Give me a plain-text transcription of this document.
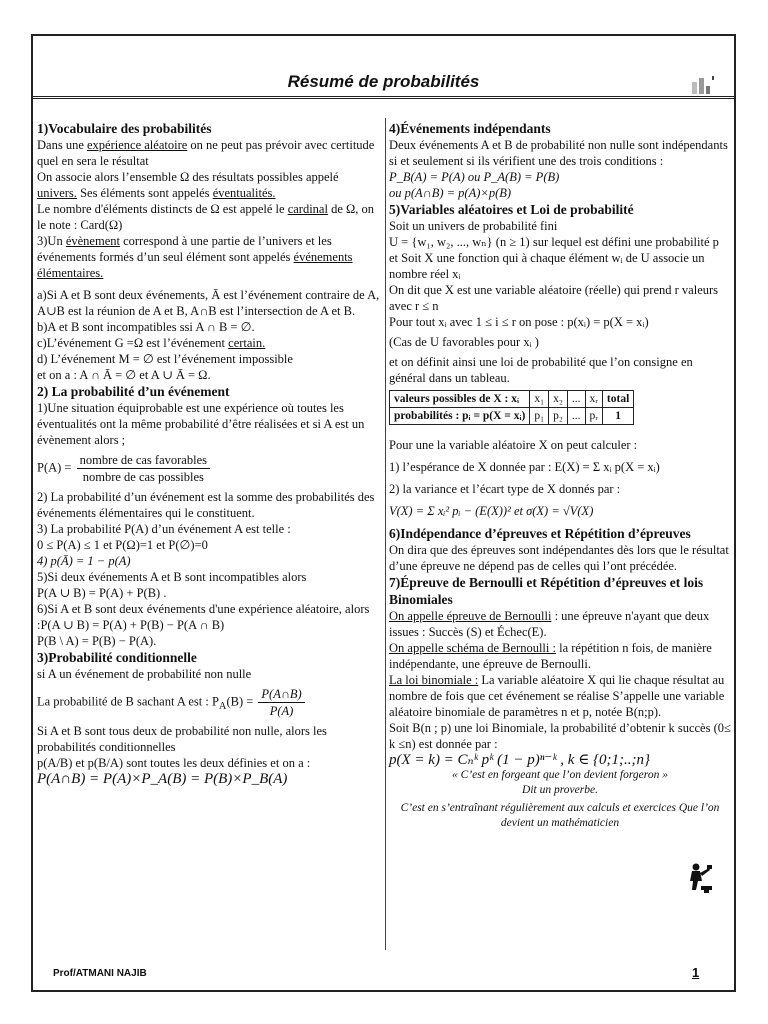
Résumé de probabilités

1)Vocabulaire des probabilités

Dans une expérience aléatoire on ne peut pas prévoir avec certitude quel en sera le résultat

On associe alors l’ensemble Ω des résultats possibles appelé univers. Ses éléments sont appelés éventualités.

Le nombre d'éléments distincts de Ω est appelé le cardinal de Ω, on le note : Card(Ω)

3)Un évènement correspond à une partie de l’univers et les événements formés d’un seul élément sont appelés événements élémentaires.

a)Si A et B sont deux événements, Ā est l’événement contraire de A, A∪B est la réunion de A et B, A∩B est l’intersection de A et B.

b)A et B sont incompatibles ssi A ∩ B = ∅.

c)L’événement G =Ω est l’événement certain.

d) L’événement M = ∅ est l’événement impossible

et on a : A ∩ Ā = ∅ et A ∪ Ā = Ω.

2) La probabilité d’un événement

1)Une situation équiprobable est une expérience où toutes les éventualités ont la même probabilité d’être réalisées et si A est un évènement alors ;

$P(A) = \frac{\text{nombre de cas favorables}}{\text{nombre de cas possibles}}$

2) La probabilité d’un événement est la somme des probabilités des événements élémentaires qui le constituent.

3) La probabilité P(A) d’un événement A est telle :

0 ≤ P(A) ≤ 1 et P(Ω)=1 et P(∅)=0

4) p(Ā) = 1 − p(A)

5)Si deux événements A et B sont incompatibles alors

P(A ∪ B) = P(A) + P(B) .

6)Si A et B sont deux événements d'une expérience aléatoire, alors :P(A ∪ B) = P(A) + P(B) − P(A ∩ B)

P(B \ A) = P(B) − P(A).

3)Probabilité conditionnelle

si A un événement de probabilité non nulle

La probabilité de B sachant A est : $P_A(B) = \frac{P(A\cap B)}{P(A)}$

Si A et B sont tous deux de probabilité non nulle, alors les probabilités conditionnelles

p(A/B) et p(B/A) sont toutes les deux définies et on a :

P(A∩B) = P(A)×P_A(B) = P(B)×P_B(A)

4)Événements indépendants

Deux événements A et B de probabilité non nulle sont indépendants si et seulement si ils vérifient une des trois conditions :

P_B(A) = P(A) ou P_A(B) = P(B)

ou p(A∩B) = p(A)×p(B)

5)Variables aléatoires et Loi de probabilité

Soit un univers de probabilité fini

U = {w₁, w₂, ..., wₙ} (n ≥ 1) sur lequel est défini une probabilité p et Soit X une fonction qui à chaque élément wᵢ de U associe un nombre réel xᵢ

On dit que X est une variable aléatoire (réelle) qui prend r valeurs avec r ≤ n

Pour tout xᵢ avec 1 ≤ i ≤ r on pose : p(xᵢ) = p(X = xᵢ)

(Cas de U favorables pour xᵢ )

et on définit ainsi une loi de probabilité que l’on consigne en général dans un tableau.

valeurs possibles de X : xᵢ	x₁	x₂	...	xᵣ	total
probabilités : pᵢ = p(X = xᵢ)	p₁	p₂	...	pᵣ	1

Pour une la variable aléatoire X on peut calculer :

1) l’espérance de X donnée par : E(X) = Σ xᵢ p(X = xᵢ)

2) la variance et l’écart type de X donnés par :

V(X) = Σ xᵢ² pᵢ − (E(X))² et σ(X) = √V(X)

6)Indépendance d’épreuves et Répétition d’épreuves

On dira que des épreuves sont indépendantes dès lors que le résultat d’une épreuve ne dépend pas de celles qui l’ont précédée.

7)Épreuve de Bernoulli et Répétition d’épreuves et lois Binomiales

On appelle épreuve de Bernoulli : une épreuve n'ayant que deux issues : Succès (S) et Échec(E).

On appelle schéma de Bernoulli : la répétition n fois, de manière indépendante, une épreuve de Bernoulli.

La loi binomiale : La variable aléatoire X qui lie chaque résultat au nombre de fois que cet événement se réalise S’appelle une variable aléatoire binomiale de paramètres n et p, notée B(n;p).

Soit B(n ; p) une loi Binomiale, la probabilité d’obtenir k succès (0≤ k ≤n) est donnée par :

p(X = k) = Cₙᵏ pᵏ (1 − p)ⁿ⁻ᵏ , k ∈ {0;1;..;n}

« C’est en forgeant que l’on devient forgeron »

Dit un proverbe.

C’est en s’entraînant régulièrement aux calculs et exercices Que l’on devient un mathématicien

Prof/ATMANI NAJIB	1
